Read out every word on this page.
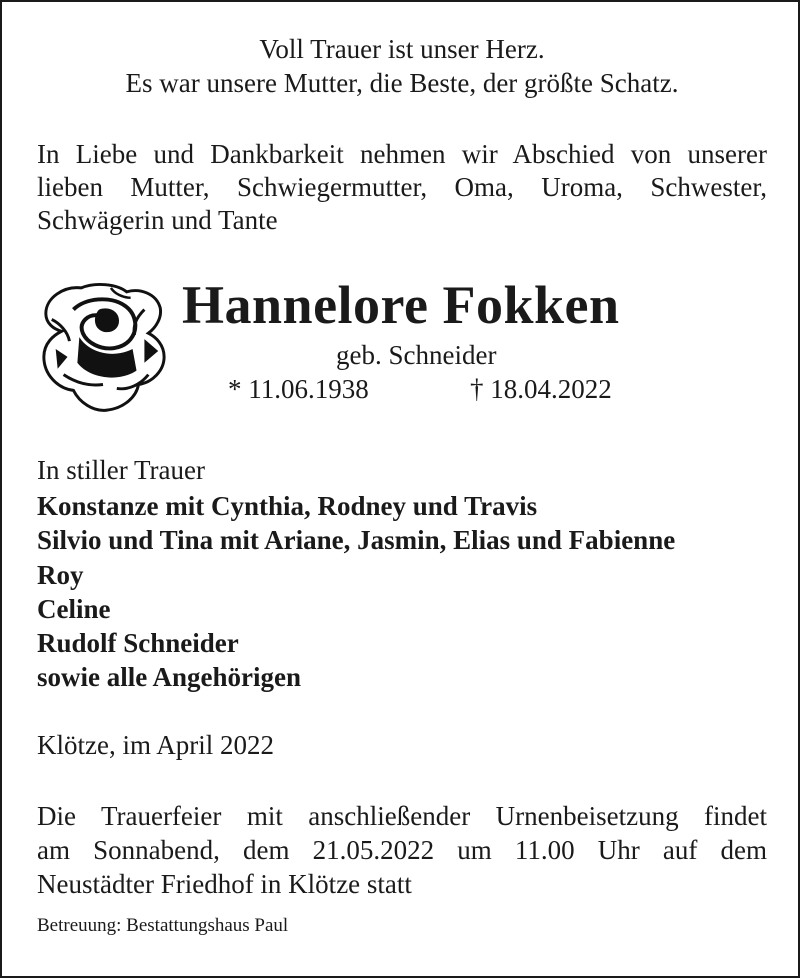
Voll Trauer ist unser Herz.
Es war unsere Mutter, die Beste, der größte Schatz.
In Liebe und Dankbarkeit nehmen wir Abschied von unserer
lieben Mutter, Schwiegermutter, Oma, Uroma, Schwester,
Schwägerin und Tante
Hannelore Fokken
geb. Schneider
* 11.06.1938	† 18.04.2022
In stiller Trauer
Konstanze mit Cynthia, Rodney und Travis
Silvio und Tina mit Ariane, Jasmin, Elias und Fabienne
Roy
Celine
Rudolf Schneider
sowie alle Angehörigen
Klötze, im April 2022
Die Trauerfeier mit anschließender Urnenbeisetzung findet
am Sonnabend, dem 21.05.2022 um 11.00 Uhr auf dem
Neustädter Friedhof in Klötze statt
Betreuung: Bestattungshaus Paul
